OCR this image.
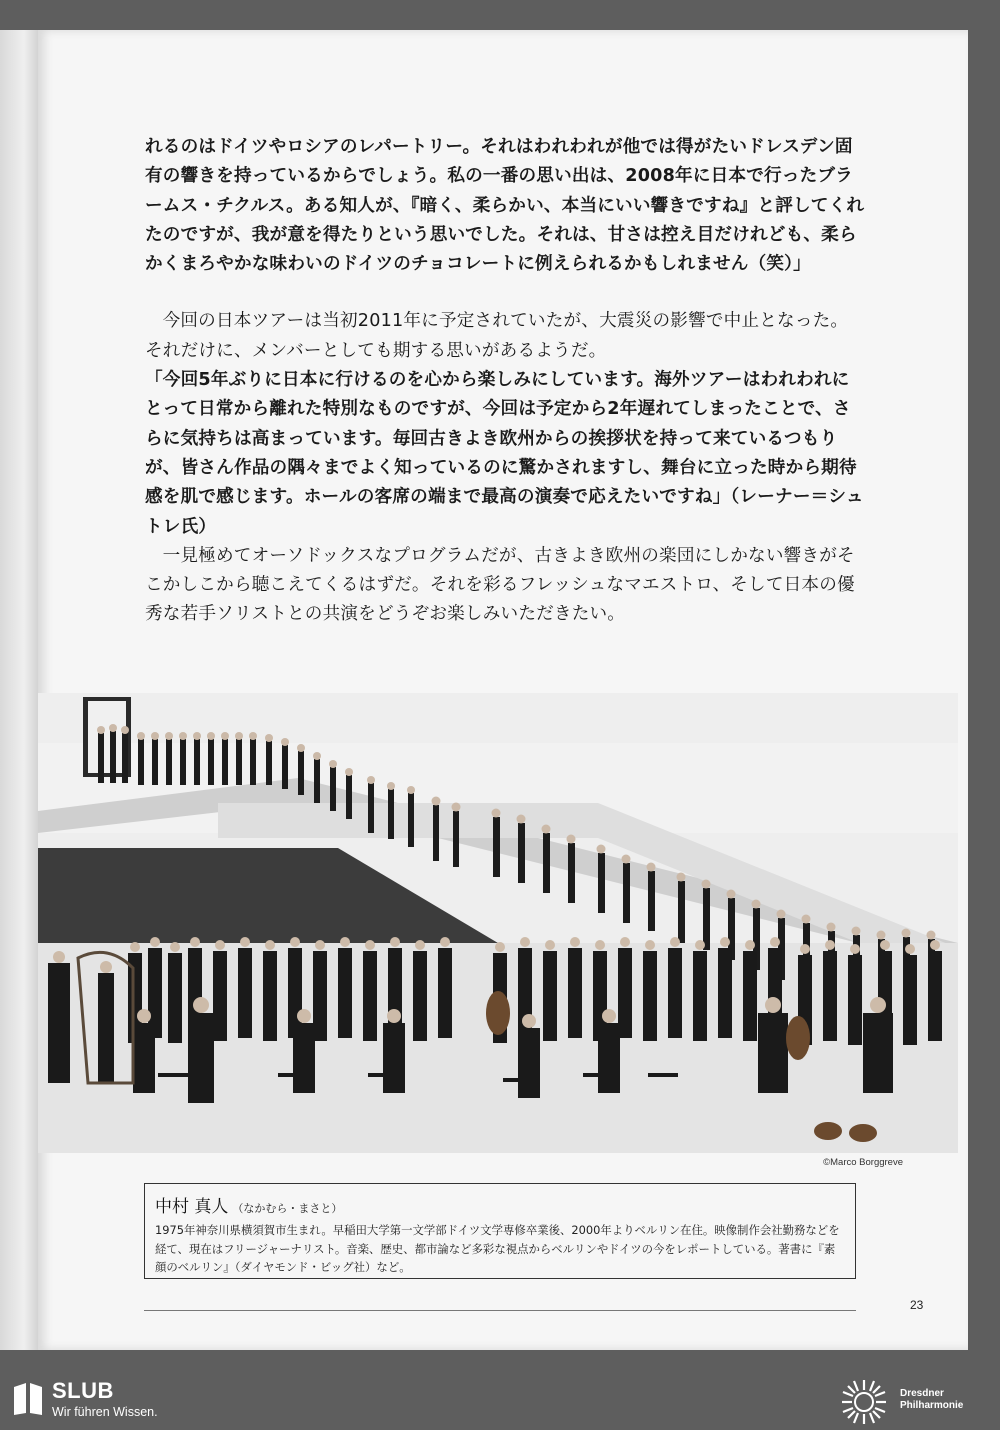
れるのはドイツやロシアのレパートリー。それはわれわれが他では得がたいドレスデン固有の響きを持っているからでしょう。私の一番の思い出は、2008年に日本で行ったブラームス・チクルス。ある知人が、『暗く、柔らかい、本当にいい響きですね』と評してくれたのですが、我が意を得たりという思いでした。それは、甘さは控え目だけれども、柔らかくまろやかな味わいのドイツのチョコレートに例えられるかもしれません（笑）」

今回の日本ツアーは当初2011年に予定されていたが、大震災の影響で中止となった。それだけに、メンバーとしても期する思いがあるようだ。

「今回5年ぶりに日本に行けるのを心から楽しみにしています。海外ツアーはわれわれにとって日常から離れた特別なものですが、今回は予定から2年遅れてしまったことで、さらに気持ちは高まっています。毎回古きよき欧州からの挨拶状を持って来ているつもりが、皆さん作品の隅々までよく知っているのに驚かされますし、舞台に立った時から期待感を肌で感じます。ホールの客席の端まで最高の演奏で応えたいですね」（レーナー＝シュトレ氏）

一見極めてオーソドックスなプログラムだが、古きよき欧州の楽団にしかない響きがそこかしこから聴こえてくるはずだ。それを彩るフレッシュなマエストロ、そして日本の優秀な若手ソリストとの共演をどうぞお楽しみいただきたい。

©Marco Borggreve
中村 真人 （なかむら・まさと）

1975年神奈川県横須賀市生まれ。早稲田大学第一文学部ドイツ文学専修卒業後、2000年よりベルリン在住。映像制作会社勤務などを経て、現在はフリージャーナリスト。音楽、歴史、都市論など多彩な視点からベルリンやドイツの今をレポートしている。著書に『素顔のベルリン』（ダイヤモンド・ビッグ社）など。

23
SLUB
Wir führen Wissen.
Dresdner
Philharmonie
